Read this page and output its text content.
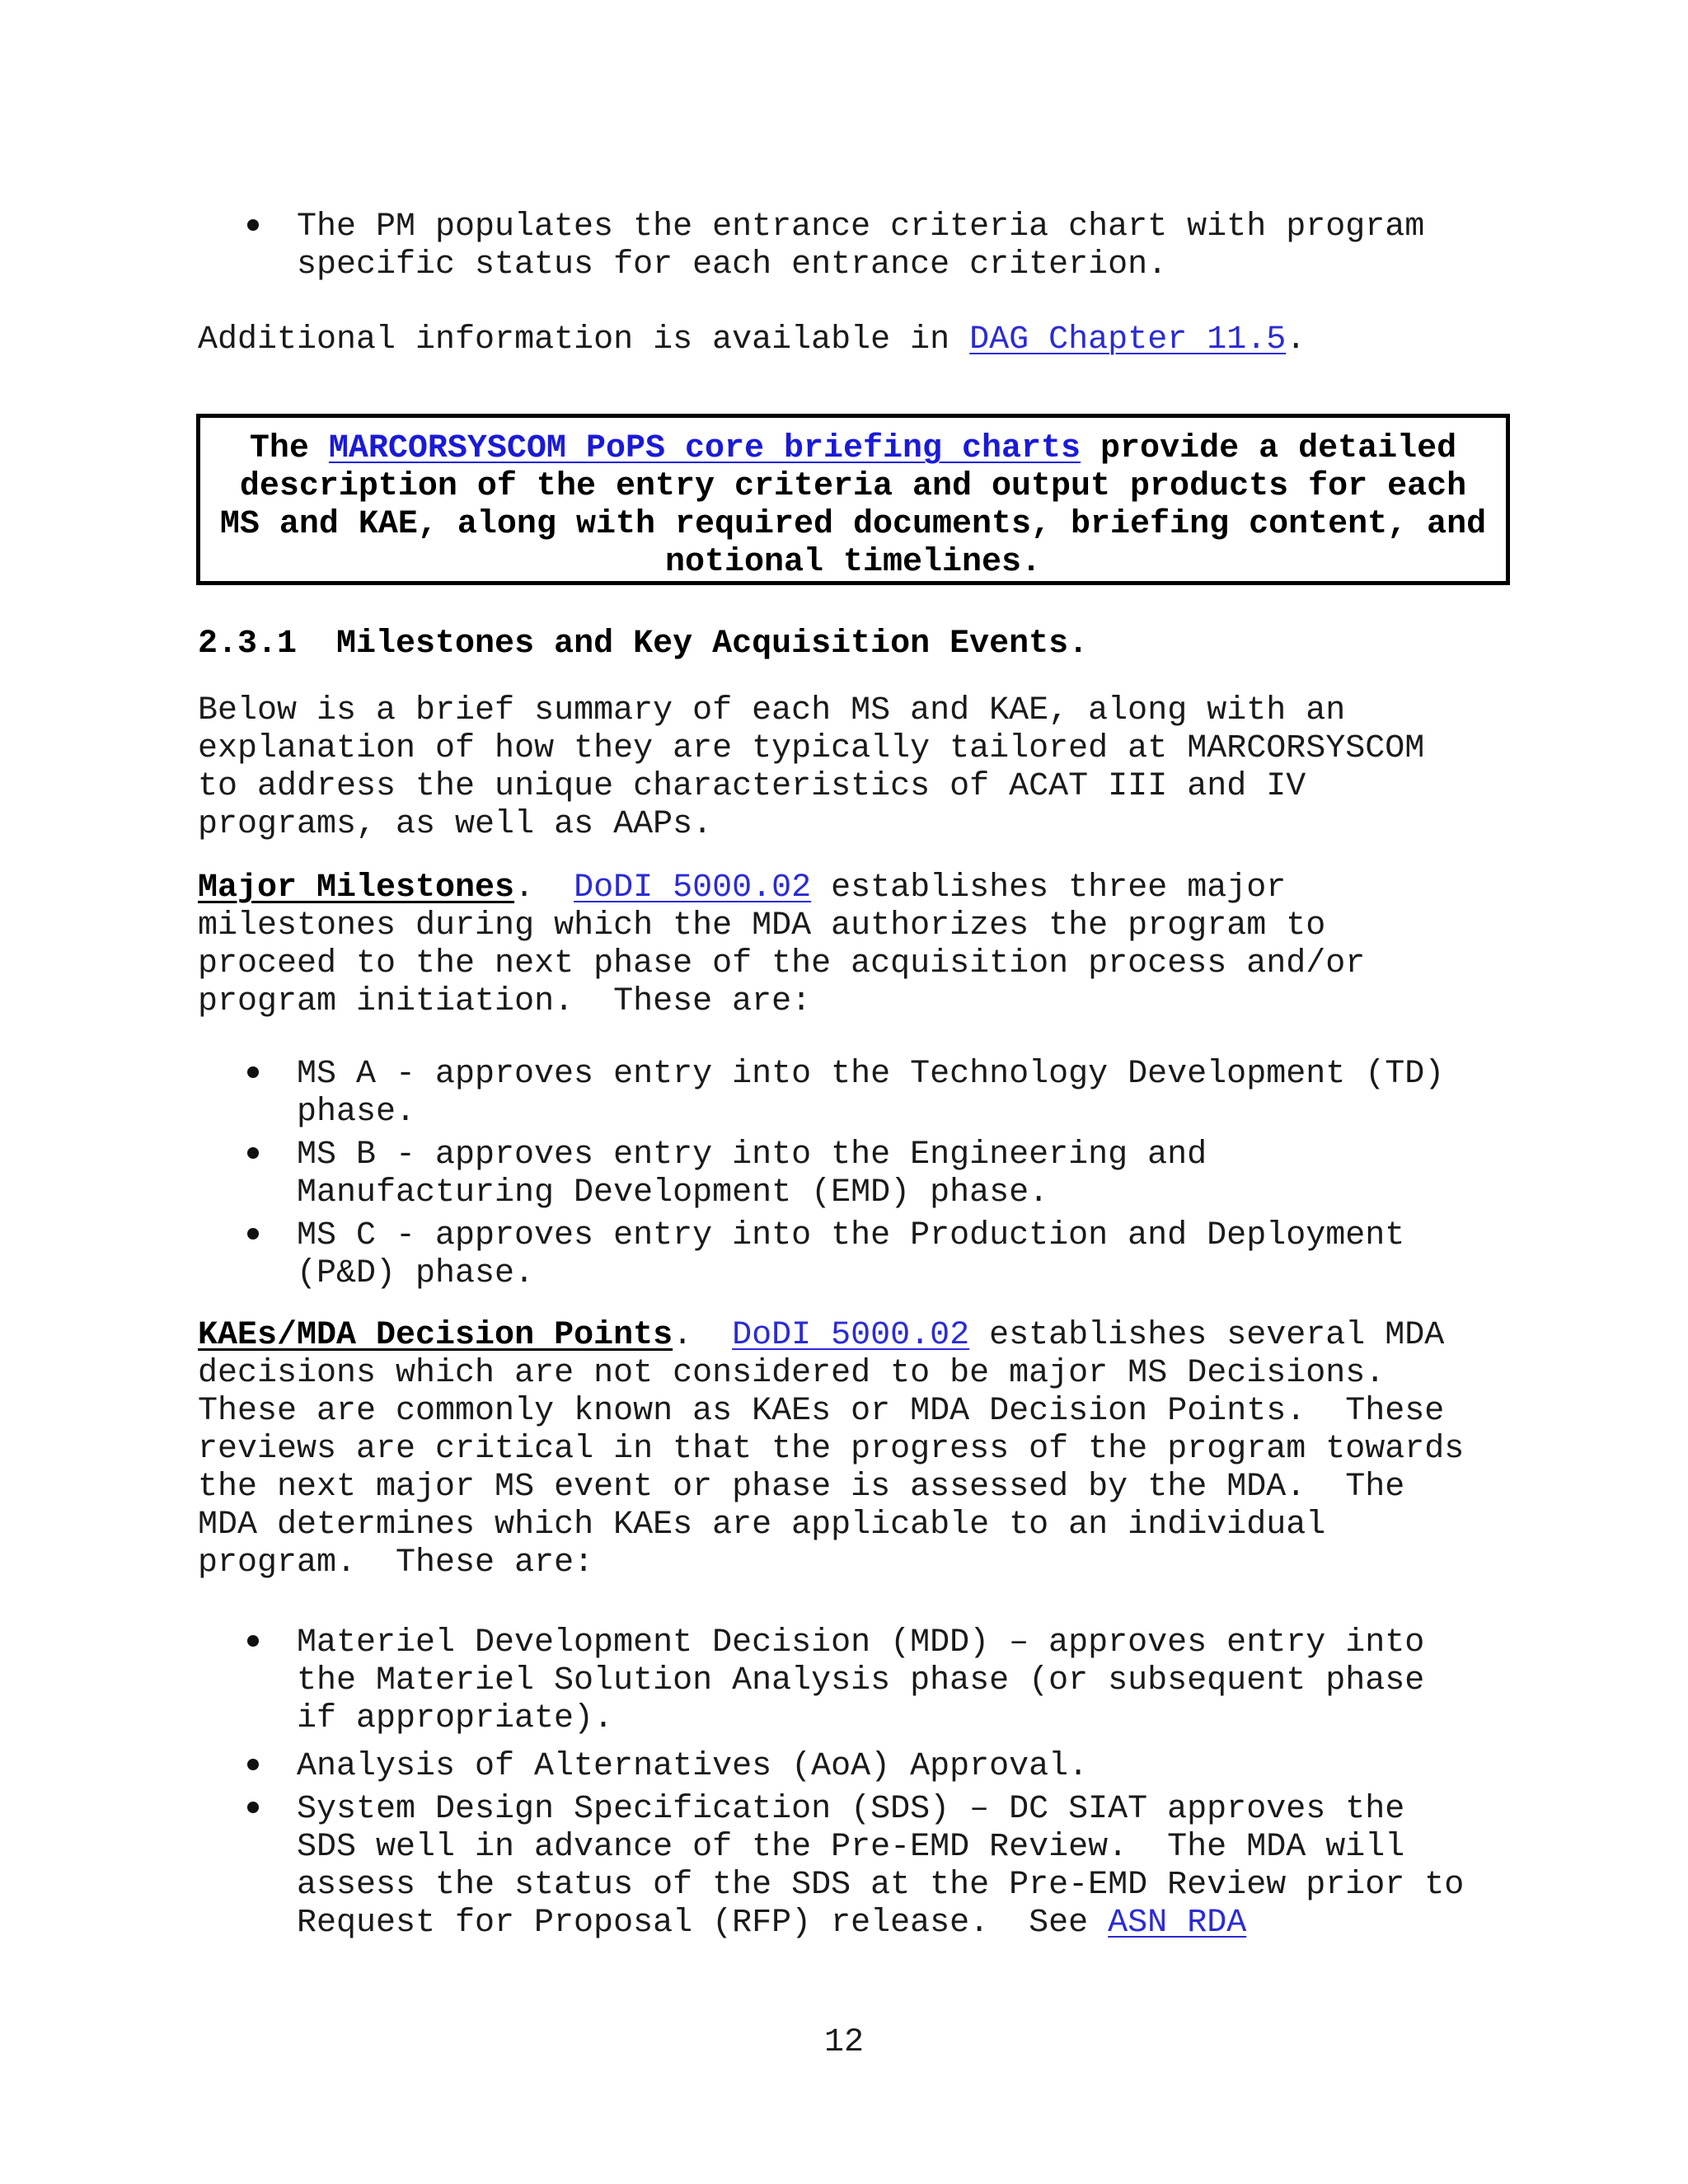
The PM populates the entrance criteria chart with program
specific status for each entrance criterion.
Additional information is available in DAG Chapter 11.5.
The MARCORSYSCOM PoPS core briefing charts provide a detailed
description of the entry criteria and output products for each
MS and KAE, along with required documents, briefing content, and
notional timelines.
2.3.1  Milestones and Key Acquisition Events.
Below is a brief summary of each MS and KAE, along with an
explanation of how they are typically tailored at MARCORSYSCOM
to address the unique characteristics of ACAT III and IV
programs, as well as AAPs.
Major Milestones.  DoDI 5000.02 establishes three major
milestones during which the MDA authorizes the program to
proceed to the next phase of the acquisition process and/or
program initiation.  These are:
MS A - approves entry into the Technology Development (TD)
phase.
MS B - approves entry into the Engineering and
Manufacturing Development (EMD) phase.
MS C - approves entry into the Production and Deployment
(P&D) phase.
KAEs/MDA Decision Points.  DoDI 5000.02 establishes several MDA
decisions which are not considered to be major MS Decisions.
These are commonly known as KAEs or MDA Decision Points.  These
reviews are critical in that the progress of the program towards
the next major MS event or phase is assessed by the MDA.  The
MDA determines which KAEs are applicable to an individual
program.  These are:
Materiel Development Decision (MDD) – approves entry into
the Materiel Solution Analysis phase (or subsequent phase
if appropriate).
Analysis of Alternatives (AoA) Approval.
System Design Specification (SDS) – DC SIAT approves the
SDS well in advance of the Pre-EMD Review.  The MDA will
assess the status of the SDS at the Pre-EMD Review prior to
Request for Proposal (RFP) release.  See ASN RDA
12
